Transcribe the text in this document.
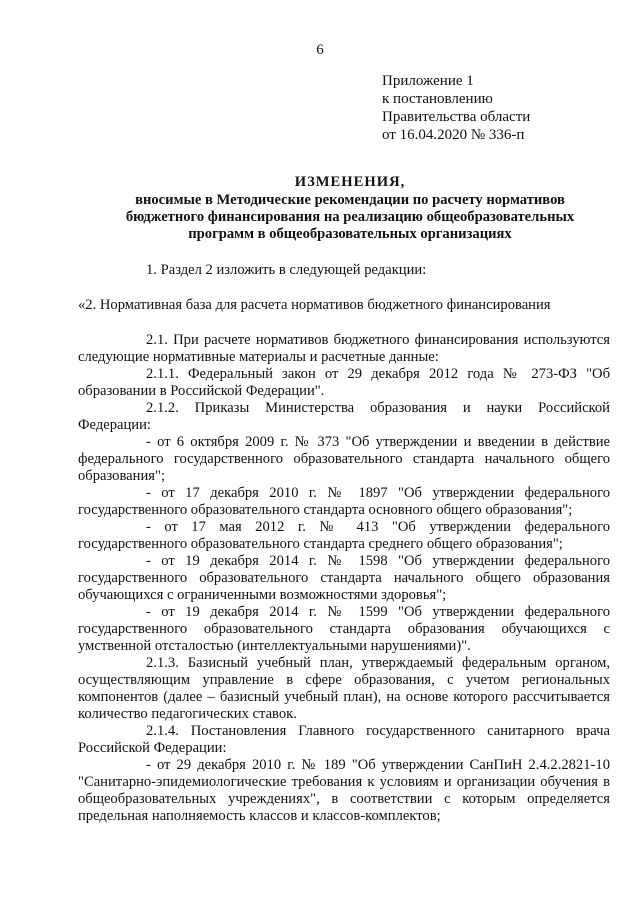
6
Приложение 1
к постановлению
Правительства области
от 16.04.2020 № 336-п
ИЗМЕНЕНИЯ,
вносимые в Методические рекомендации по расчету нормативов
бюджетного финансирования на реализацию общеобразовательных
программ в общеобразовательных организациях

1. Раздел 2 изложить в следующей редакции:

«2. Нормативная база для расчета нормативов бюджетного финансирования

2.1. При расчете нормативов бюджетного финансирования используются следующие нормативные материалы и расчетные данные:

2.1.1. Федеральный закон от 29 декабря 2012 года № 273-ФЗ "Об образовании в Российской Федерации".

2.1.2. Приказы Министерства образования и науки Российской Федерации:

- от 6 октября 2009 г. № 373 "Об утверждении и введении в действие федерального государственного образовательного стандарта начального общего образования";

- от 17 декабря 2010 г. № 1897 "Об утверждении федерального государственного образовательного стандарта основного общего образования";

- от 17 мая 2012 г. № 413 "Об утверждении федерального государственного образовательного стандарта среднего общего образования";

- от 19 декабря 2014 г. № 1598 "Об утверждении федерального государственного образовательного стандарта начального общего образования обучающихся с ограниченными возможностями здоровья";

- от 19 декабря 2014 г. № 1599 "Об утверждении федерального государственного образовательного стандарта образования обучающихся с умственной отсталостью (интеллектуальными нарушениями)".

2.1.3. Базисный учебный план, утверждаемый федеральным органом, осуществляющим управление в сфере образования, с учетом региональных компонентов (далее – базисный учебный план), на основе которого рассчитывается количество педагогических ставок.

2.1.4. Постановления Главного государственного санитарного врача Российской Федерации:

- от 29 декабря 2010 г. № 189 "Об утверждении СанПиН 2.4.2.2821-10 "Санитарно-эпидемиологические требования к условиям и организации обучения в общеобразовательных учреждениях", в соответствии с которым определяется предельная наполняемость классов и классов-комплектов;
